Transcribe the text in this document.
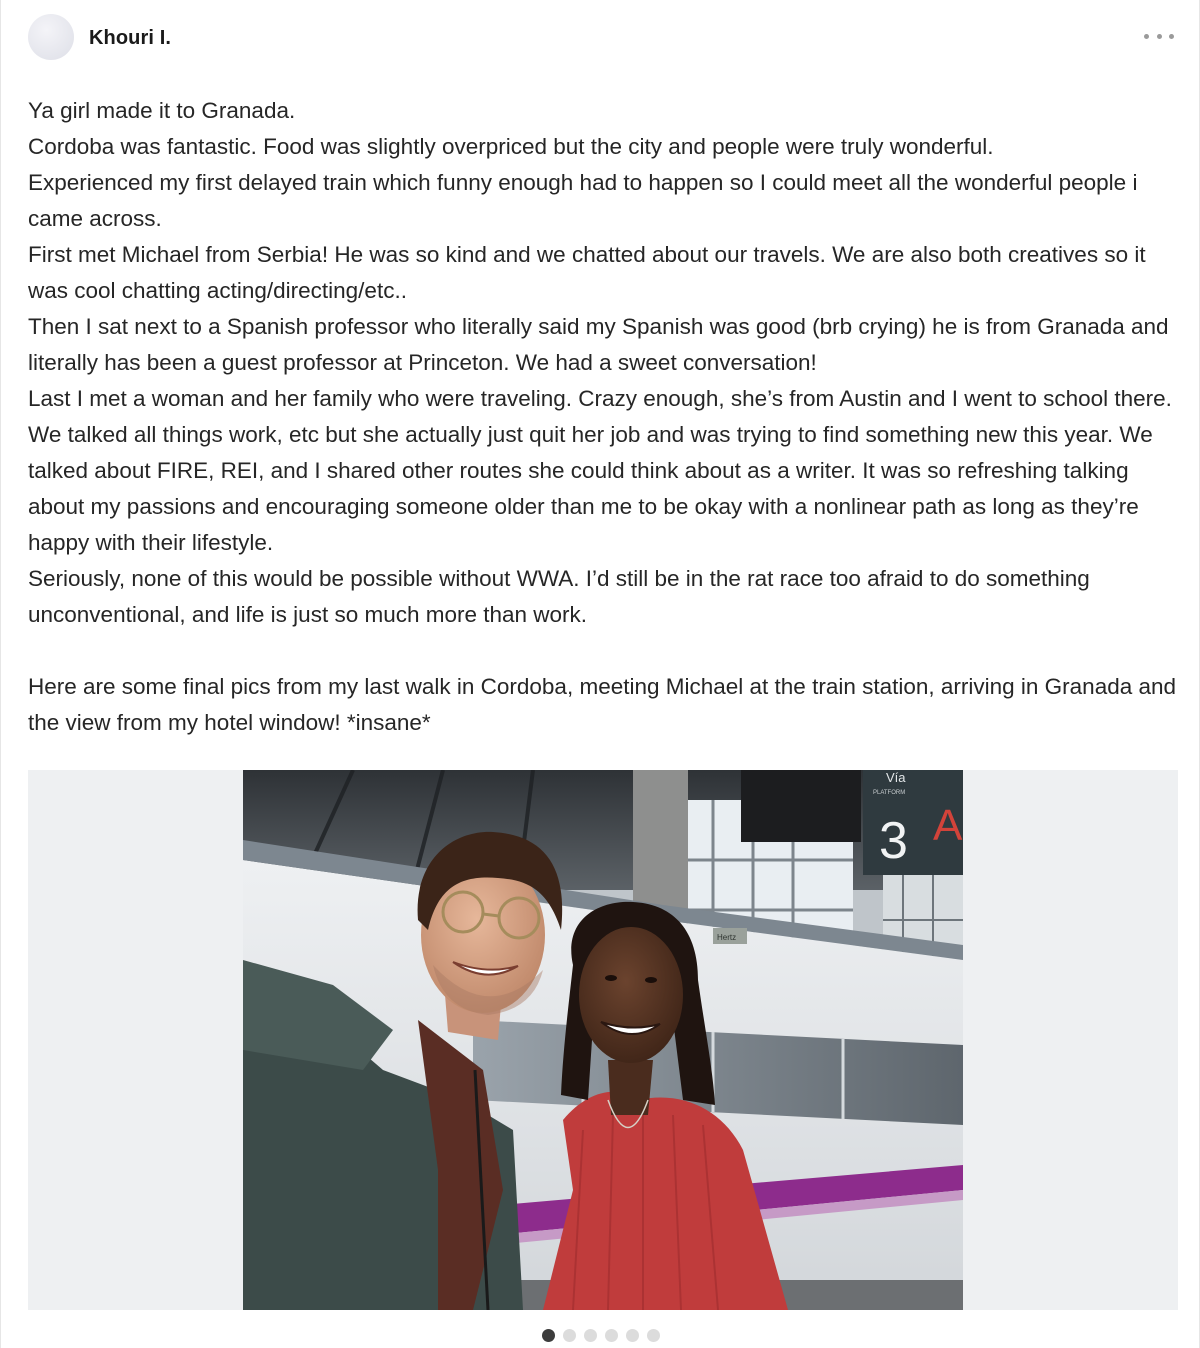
Khouri I.

Ya girl made it to Granada.

Cordoba was fantastic. Food was slightly overpriced but the city and people were truly wonderful.

Experienced my first delayed train which funny enough had to happen so I could meet all the wonderful people i came across.

First met Michael from Serbia! He was so kind and we chatted about our travels. We are also both creatives so it was cool chatting acting/directing/etc..

Then I sat next to a Spanish professor who literally said my Spanish was good (brb crying) he is from Granada and literally has been a guest professor at Princeton. We had a sweet conversation!

Last I met a woman and her family who were traveling. Crazy enough, she’s from Austin and I went to school there. We talked all things work, etc but she actually just quit her job and was trying to find something new this year. We talked about FIRE, REI, and I shared other routes she could think about as a writer. It was so refreshing talking about my passions and encouraging someone older than me to be okay with a nonlinear path as long as they’re happy with their lifestyle.

Seriously, none of this would be possible without WWA. I’d still be in the rat race too afraid to do something unconventional, and life is just so much more than work.

Here are some final pics from my last walk in Cordoba, meeting Michael at the train station, arriving in Granada and the view from my hotel window! *insane*

Vía
PLATFORM
3 A
Hertz
